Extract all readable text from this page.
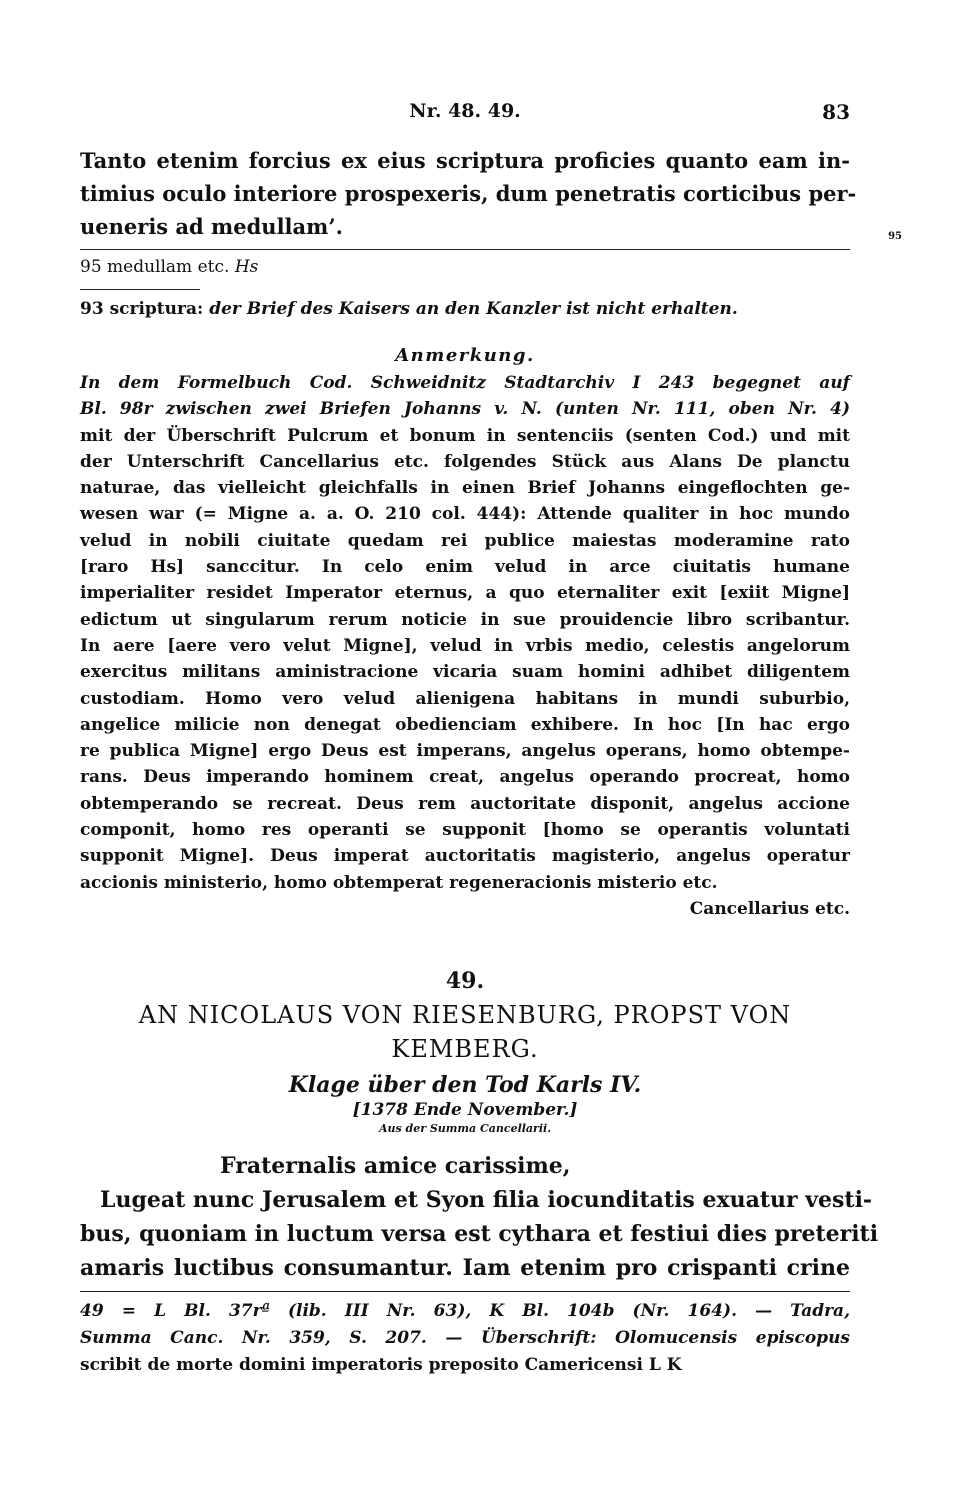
Nr. 48. 49.	83
Tanto etenim forcius ex eius scriptura proficies quanto eam in-
timius oculo interiore prospexeris, dum penetratis corticibus per-
ueneris ad medullam’.	95
95 medullam etc. Hs
93 scriptura: der Brief des Kaisers an den Kanzler ist nicht erhalten.
Anmerkung.
In dem Formelbuch Cod. Schweidnitz Stadtarchiv I 243 begegnet auf
Bl. 98r zwischen zwei Briefen Johanns v. N. (unten Nr. 111, oben Nr. 4)
mit der Überschrift Pulcrum et bonum in sentenciis (senten Cod.) und mit
der Unterschrift Cancellarius etc. folgendes Stück aus Alans De planctu
naturae, das vielleicht gleichfalls in einen Brief Johanns eingeflochten ge-
wesen war (= Migne a. a. O. 210 col. 444): Attende qualiter in hoc mundo
velud in nobili ciuitate quedam rei publice maiestas moderamine rato
[raro Hs] sanccitur. In celo enim velud in arce ciuitatis humane
imperialiter residet Imperator eternus, a quo eternaliter exit [exiit Migne]
edictum ut singularum rerum noticie in sue prouidencie libro scribantur.
In aere [aere vero velut Migne], velud in vrbis medio, celestis angelorum
exercitus militans aministracione vicaria suam homini adhibet diligentem
custodiam. Homo vero velud alienigena habitans in mundi suburbio,
angelice milicie non denegat obedienciam exhibere. In hoc [In hac ergo
re publica Migne] ergo Deus est imperans, angelus operans, homo obtempe-
rans. Deus imperando hominem creat, angelus operando procreat, homo
obtemperando se recreat. Deus rem auctoritate disponit, angelus accione
componit, homo res operanti se supponit [homo se operantis voluntati
supponit Migne]. Deus imperat auctoritatis magisterio, angelus operatur
accionis ministerio, homo obtemperat regeneracionis misterio etc.
Cancellarius etc.
49.
AN NICOLAUS VON RIESENBURG, PROPST VON
KEMBERG.
Klage über den Tod Karls IV.
[1378 Ende November.]
Aus der Summa Cancellarii.
Fraternalis amice carissime,
Lugeat nunc Jerusalem et Syon filia iocunditatis exuatur vesti-
bus, quoniam in luctum versa est cythara et festiui dies preteriti
amaris luctibus consumantur. Iam etenim pro crispanti crine
49 = L Bl. 37rª (lib. III Nr. 63), K Bl. 104b (Nr. 164). — Tadra,
Summa Canc. Nr. 359, S. 207. — Überschrift: Olomucensis episcopus
scribit de morte domini imperatoris preposito Camericensi L K
